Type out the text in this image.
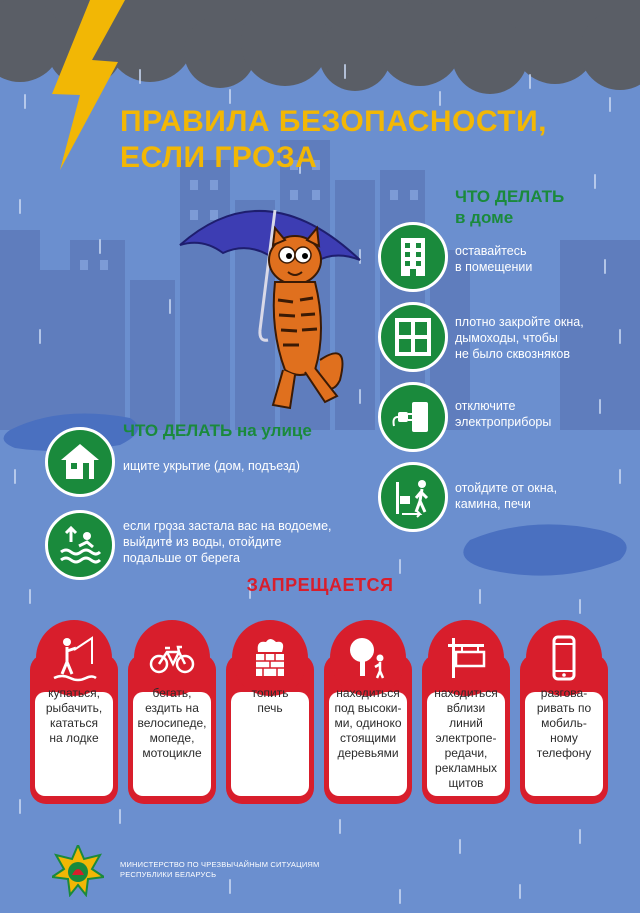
ПРАВИЛА БЕЗОПАСНОСТИ,
ЕСЛИ ГРОЗА
ЧТО ДЕЛАТЬ
в доме
оставайтесь
в помещении
плотно закройте окна,
дымоходы, чтобы
не было сквозняков
отключите
электроприборы
отойдите от окна,
камина, печи
ЧТО ДЕЛАТЬ на улице
ищите укрытие (дом, подъезд)
если гроза застала вас на водоеме,
выйдите из воды, отойдите
подальше от берега
ЗАПРЕЩАЕТСЯ
купаться,
рыбачить,
кататься
на лодке
бегать,
ездить на
велосипеде,
мопеде,
мотоцикле
топить
печь
находиться
под высоки-
ми, одиноко
стоящими
деревьями
находиться
вблизи
линий
электропе-
редачи,
рекламных
щитов
разгова-
ривать по
мобиль-
ному
телефону
МИНИСТЕРСТВО ПО ЧРЕЗВЫЧАЙНЫМ СИТУАЦИЯМ
РЕСПУБЛИКИ БЕЛАРУСЬ
